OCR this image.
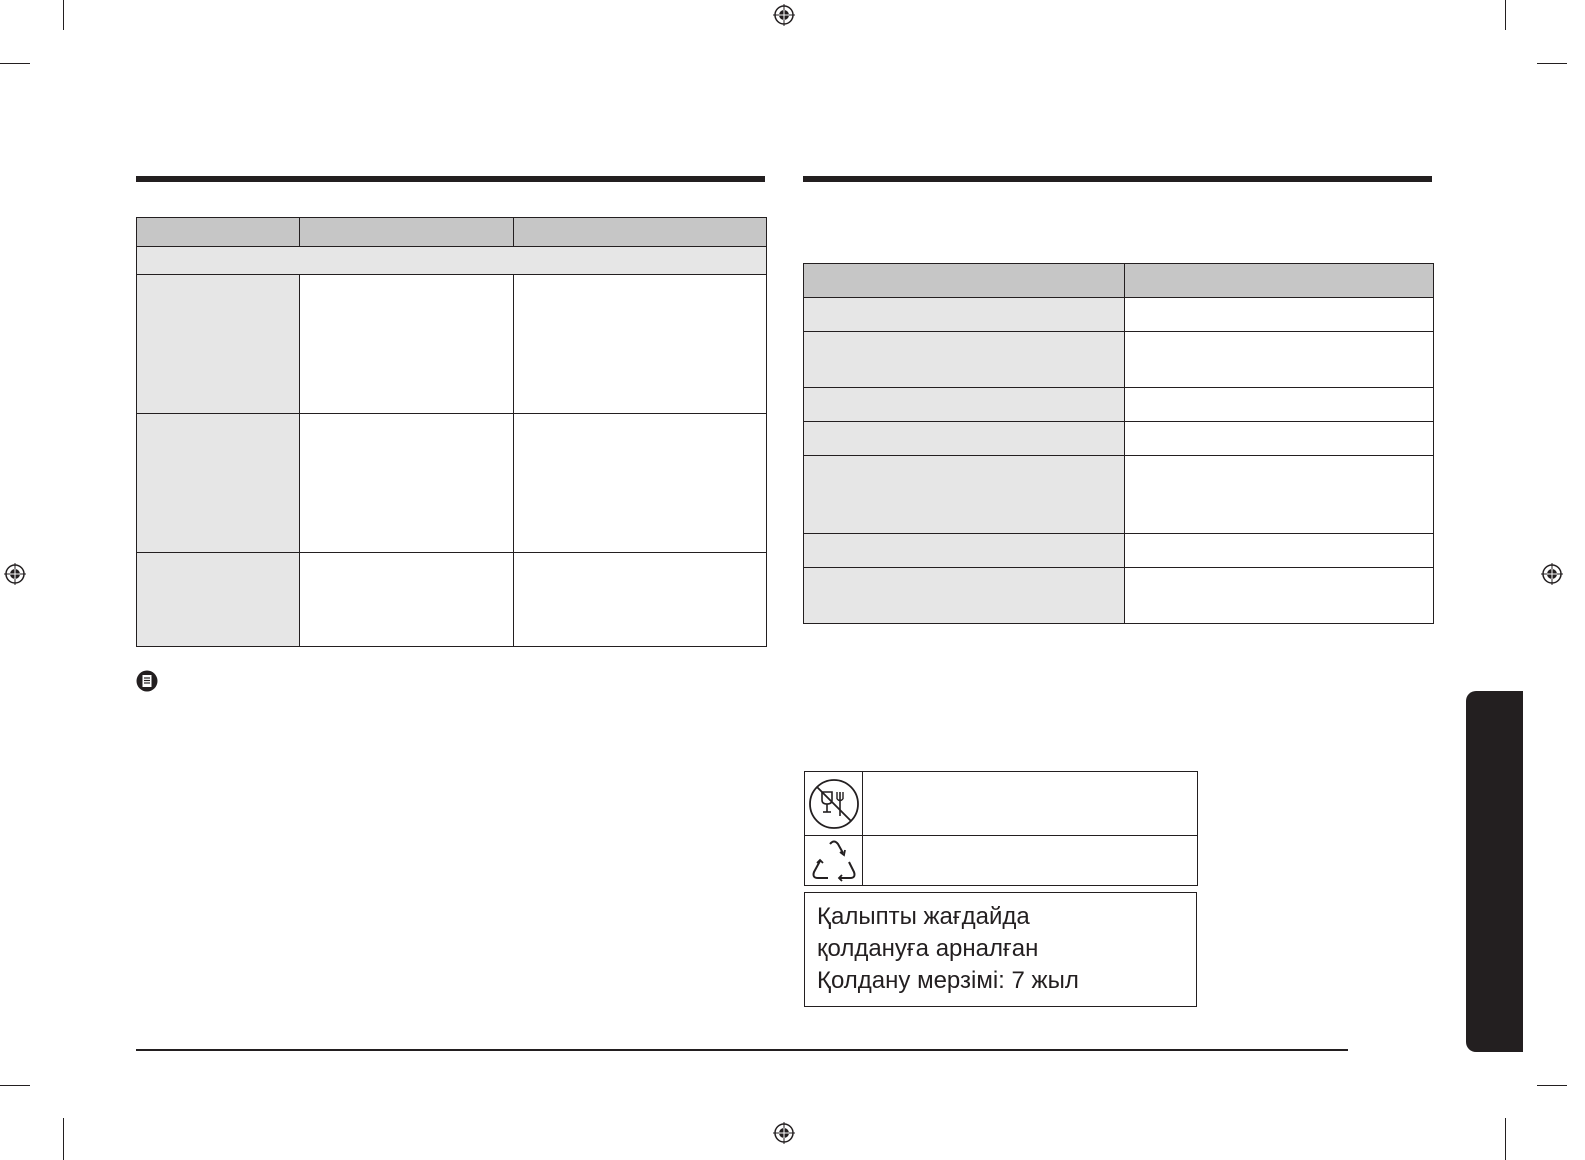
Қалыпты жағдайда
қолдануға арналған
Қолдану мерзімі: 7 жыл
